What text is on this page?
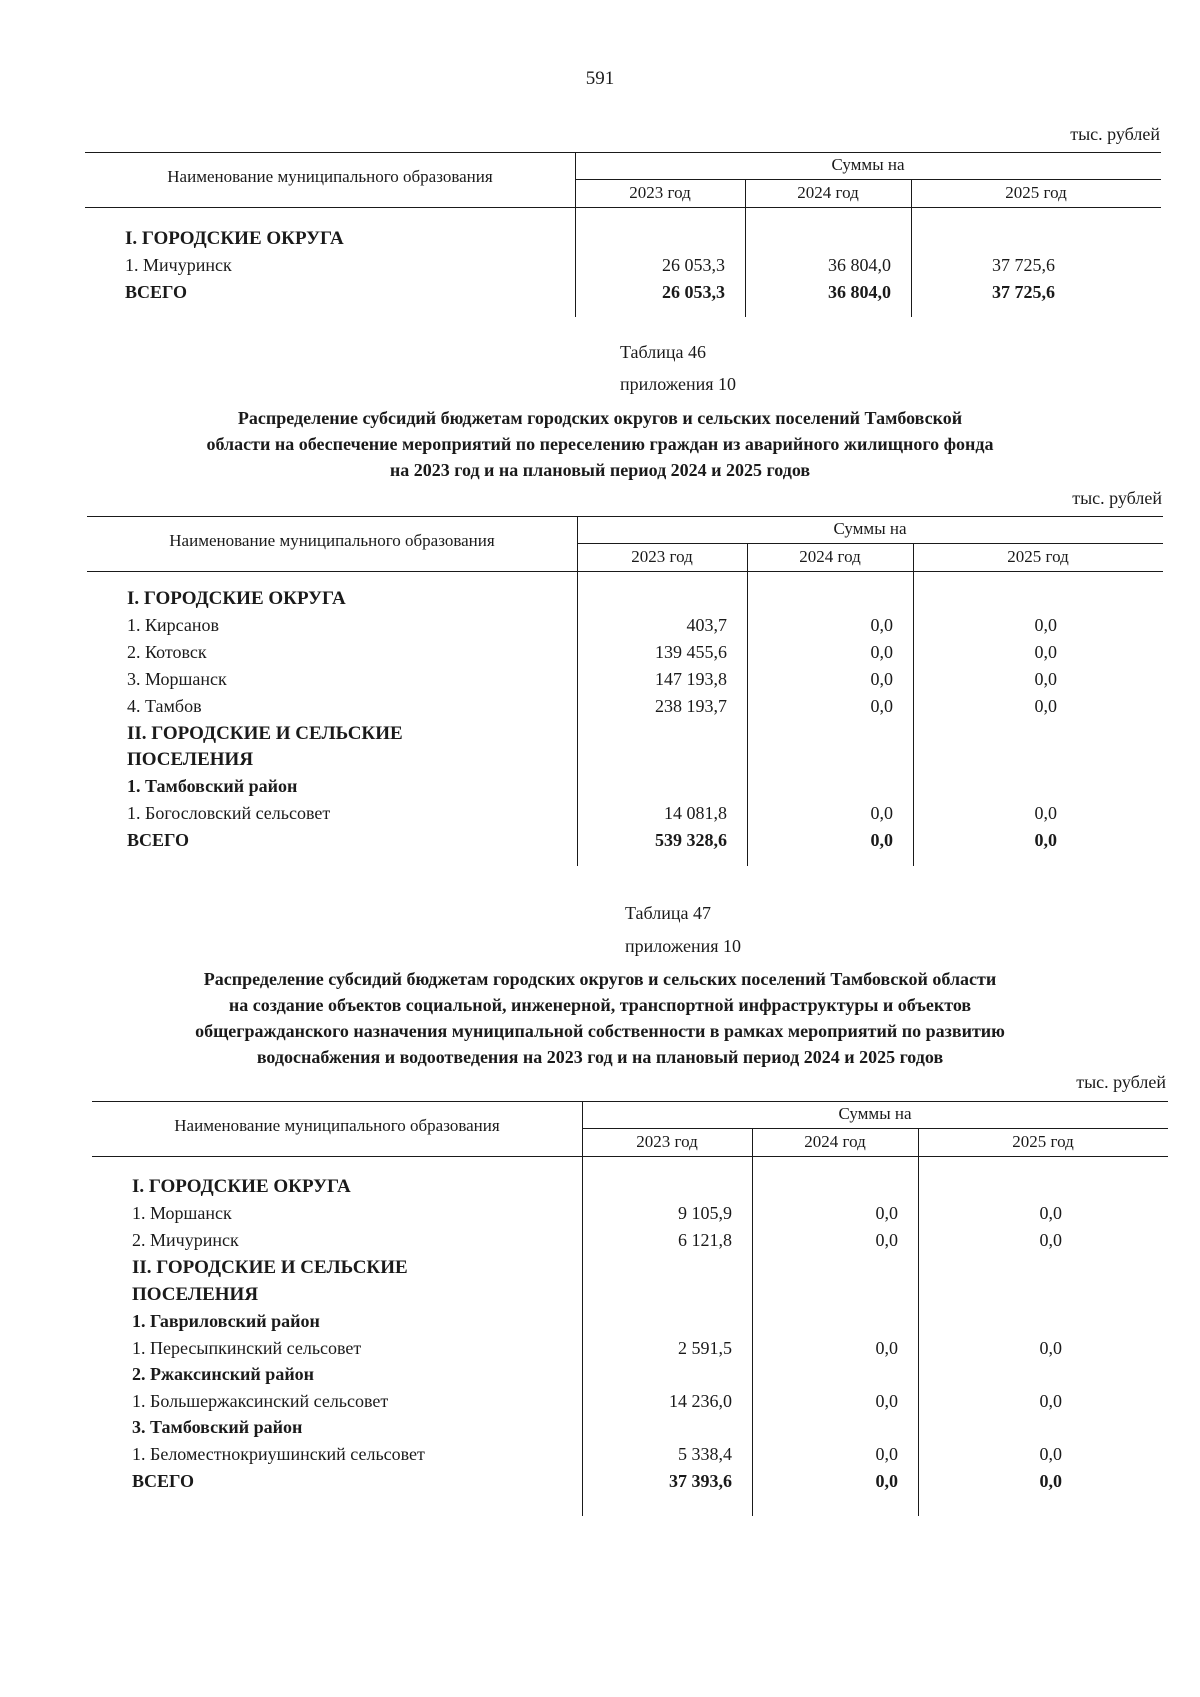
591
тыс. рублей
Наименование муниципального образования
Суммы на
2023 год	2024 год	2025 год
I. ГОРОДСКИЕ ОКРУГА
1. Мичуринск	26 053,3	36 804,0	37 725,6
ВСЕГО	26 053,3	36 804,0	37 725,6
Таблица 46
приложения 10
Распределение субсидий бюджетам городских округов и сельских поселений Тамбовской
области на обеспечение мероприятий по переселению граждан из аварийного жилищного фонда
на 2023 год и на плановый период 2024 и 2025 годов
тыс. рублей
Наименование муниципального образования
Суммы на
2023 год	2024 год	2025 год
I. ГОРОДСКИЕ ОКРУГА
1. Кирсанов	403,7	0,0	0,0
2. Котовск	139 455,6	0,0	0,0
3. Моршанск	147 193,8	0,0	0,0
4. Тамбов	238 193,7	0,0	0,0
II. ГОРОДСКИЕ И СЕЛЬСКИЕ
ПОСЕЛЕНИЯ
1. Тамбовский район
1. Богословский сельсовет	14 081,8	0,0	0,0
ВСЕГО	539 328,6	0,0	0,0
Таблица 47
приложения 10
Распределение субсидий бюджетам городских округов и сельских поселений Тамбовской области
на создание объектов социальной, инженерной, транспортной инфраструктуры и объектов
общегражданского назначения муниципальной собственности в рамках мероприятий по развитию
водоснабжения и водоотведения на 2023 год и на плановый период 2024 и 2025 годов
тыс. рублей
Наименование муниципального образования
Суммы на
2023 год	2024 год	2025 год
I. ГОРОДСКИЕ ОКРУГА
1. Моршанск	9 105,9	0,0	0,0
2. Мичуринск	6 121,8	0,0	0,0
II. ГОРОДСКИЕ И СЕЛЬСКИЕ
ПОСЕЛЕНИЯ
1. Гавриловский район
1. Пересыпкинский сельсовет	2 591,5	0,0	0,0
2. Ржаксинский район
1. Большержаксинский сельсовет	14 236,0	0,0	0,0
3. Тамбовский район
1. Беломестнокриушинский сельсовет	5 338,4	0,0	0,0
ВСЕГО	37 393,6	0,0	0,0
